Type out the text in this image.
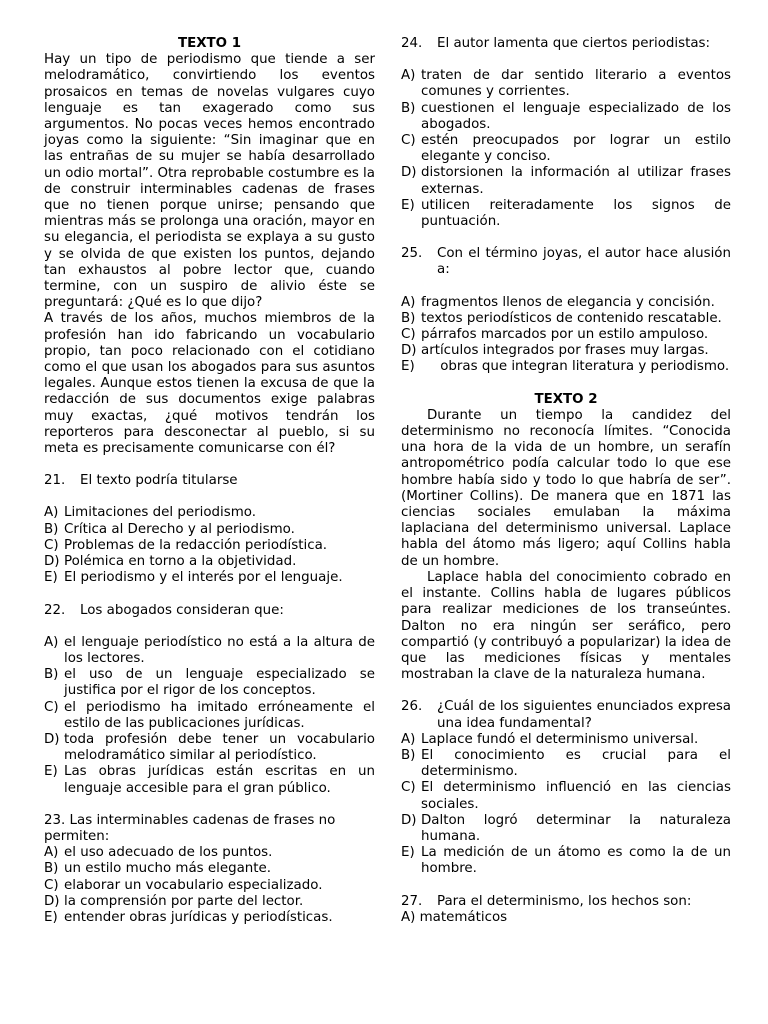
TEXTO 1

Hay un tipo de periodismo que tiende a ser melodramático, convirtiendo los eventos prosaicos en temas de novelas vulgares cuyo lenguaje es tan exagerado como sus argumentos. No pocas veces hemos encontrado joyas como la siguiente: “Sin imaginar que en las entrañas de su mujer se había desarrollado un odio mortal”. Otra reprobable costumbre es la de construir interminables cadenas de frases que no tienen porque unirse; pensando que mientras más se prolonga una oración, mayor en su elegancia, el periodista se explaya a su gusto y se olvida de que existen los puntos, dejando tan exhaustos al pobre lector que, cuando termine, con un suspiro de alivio éste se preguntará: ¿Qué es lo que dijo?

A través de los años, muchos miembros de la profesión han ido fabricando un vocabulario propio, tan poco relacionado con el cotidiano como el que usan los abogados para sus asuntos legales. Aunque estos tienen la excusa de que la redacción de sus documentos exige palabras muy exactas, ¿qué motivos tendrán los reporteros para desconectar al pueblo, si su meta es precisamente comunicarse con él?

21. El texto podría titularse

A) Limitaciones del periodismo.
B) Crítica al Derecho y al periodismo.
C) Problemas de la redacción periodística.
D) Polémica en torno a la objetividad.
E) El periodismo y el interés por el lenguaje.

22. Los abogados consideran que:

A) el lenguaje periodístico no está a la altura de los lectores.
B) el uso de un lenguaje especializado se justifica por el rigor de los conceptos.
C) el periodismo ha imitado erróneamente el estilo de las publicaciones jurídicas.
D) toda profesión debe tener un vocabulario melodramático similar al periodístico.
E) Las obras jurídicas están escritas en un lenguaje accesible para el gran público.

23. Las interminables cadenas de frases no permiten:

A) el uso adecuado de los puntos.
B) un estilo mucho más elegante.
C) elaborar un vocabulario especializado.
D) la comprensión por parte del lector.
E) entender obras jurídicas y periodísticas.

24. El autor lamenta que ciertos periodistas:

A) traten de dar sentido literario a eventos comunes y corrientes.
B) cuestionen el lenguaje especializado de los abogados.
C) estén preocupados por lograr un estilo elegante y conciso.
D) distorsionen la información al utilizar frases externas.
E) utilicen reiteradamente los signos de puntuación.

25. Con el término joyas, el autor hace alusión a:

A) fragmentos llenos de elegancia y concisión.
B) textos periodísticos de contenido rescatable.
C) párrafos marcados por un estilo ampuloso.
D) artículos integrados por frases muy largas.

E)      obras que integran literatura y periodismo.

TEXTO 2

Durante un tiempo la candidez del determinismo no reconocía límites. “Conocida una hora de la vida de un hombre, un serafín antropométrico podía calcular todo lo que ese hombre había sido y todo lo que habría de ser”. (Mortiner Collins). De manera que en 1871 las ciencias sociales emulaban la máxima laplaciana del determinismo universal. Laplace habla del átomo más ligero; aquí Collins habla de un hombre.

Laplace habla del conocimiento cobrado en el instante. Collins habla de lugares públicos para realizar mediciones de los transeúntes. Dalton no era ningún ser seráfico, pero compartió (y contribuyó a popularizar) la idea de que las mediciones físicas y mentales mostraban la clave de la naturaleza humana.

26. ¿Cuál de los siguientes enunciados expresa una idea fundamental?

A) Laplace fundó el determinismo universal.
B) El conocimiento es crucial para el determinismo.
C) El determinismo influenció en las ciencias sociales.
D) Dalton logró determinar la naturaleza humana.
E) La medición de un átomo es como la de un hombre.

27. Para el determinismo, los hechos son:

A) matemáticos
